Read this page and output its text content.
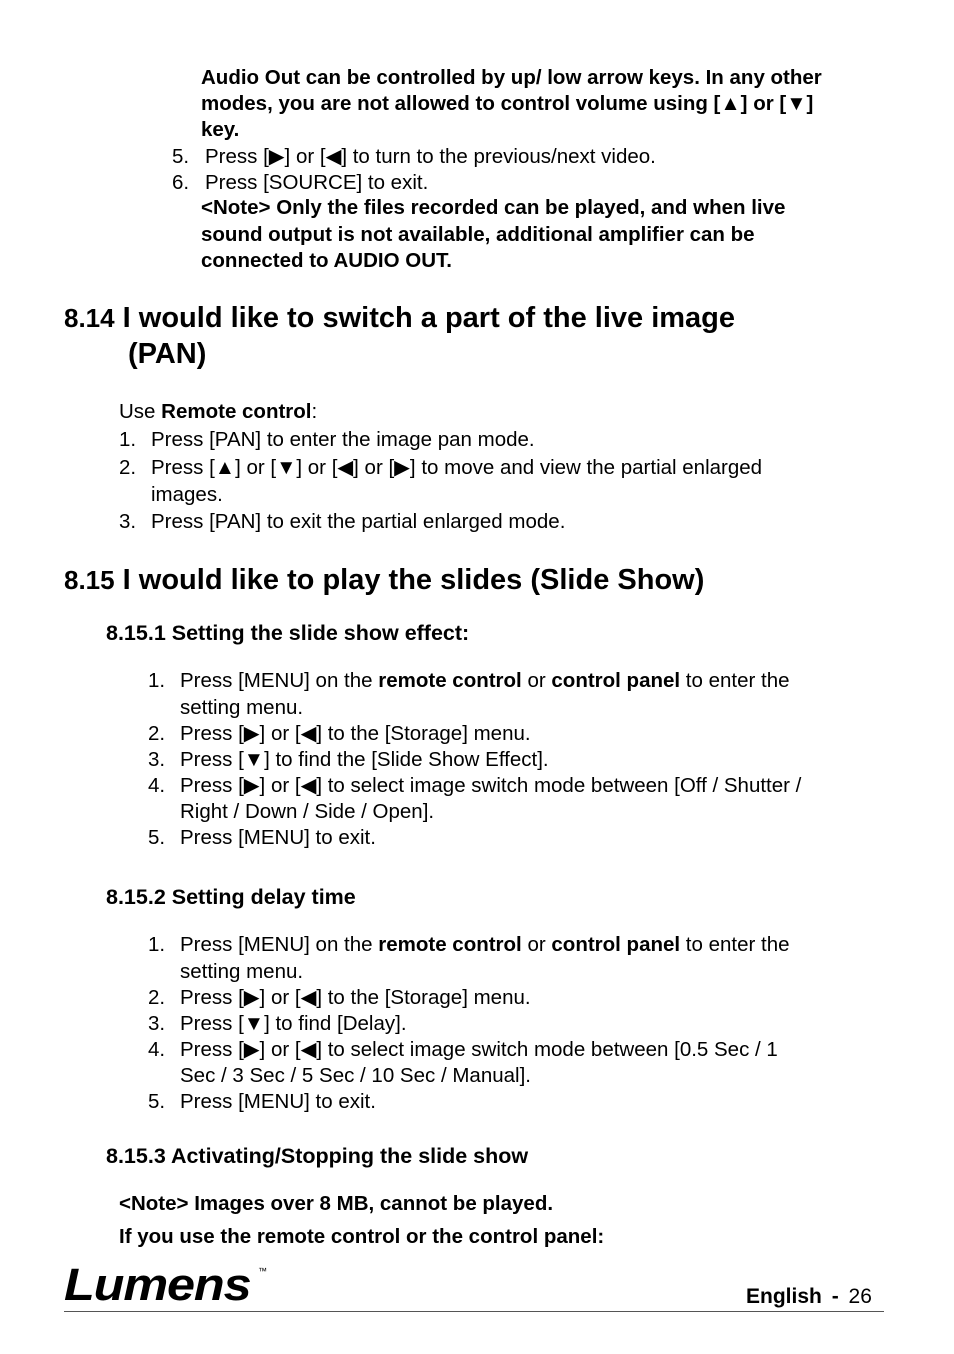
Audio Out can be controlled by up/ low arrow keys. In any other

modes, you are not allowed to control volume using [▲] or [▼]

key.

5. Press [▶] or [◀] to turn to the previous/next video.

6. Press [SOURCE] to exit.

<Note> Only the files recorded can be played, and when live

sound output is not available, additional amplifier can be

connected to AUDIO OUT.

8.14 I would like to switch a part of the live image
(PAN)

Use Remote control:

1. Press [PAN] to enter the image pan mode.

2. Press [▲] or [▼] or [◀] or [▶] to move and view the partial enlarged

images.

3. Press [PAN] to exit the partial enlarged mode.

8.15 I would like to play the slides (Slide Show)
8.15.1 Setting the slide show effect:

1. Press [MENU] on the remote control or control panel to enter the

setting menu.

2. Press [▶] or [◀] to the [Storage] menu.

3. Press [▼] to find the [Slide Show Effect].

4. Press [▶] or [◀] to select image switch mode between [Off / Shutter /

Right / Down / Side / Open].

5. Press [MENU] to exit.

8.15.2 Setting delay time

1. Press [MENU] on the remote control or control panel to enter the

setting menu.

2. Press [▶] or [◀] to the [Storage] menu.

3. Press [▼] to find [Delay].

4. Press [▶] or [◀] to select image switch mode between [0.5 Sec / 1

Sec / 3 Sec / 5 Sec / 10 Sec / Manual].

5. Press [MENU] to exit.

8.15.3 Activating/Stopping the slide show

<Note> Images over 8 MB, cannot be played.

If you use the remote control or the control panel:

Lumens ™
English - 26
